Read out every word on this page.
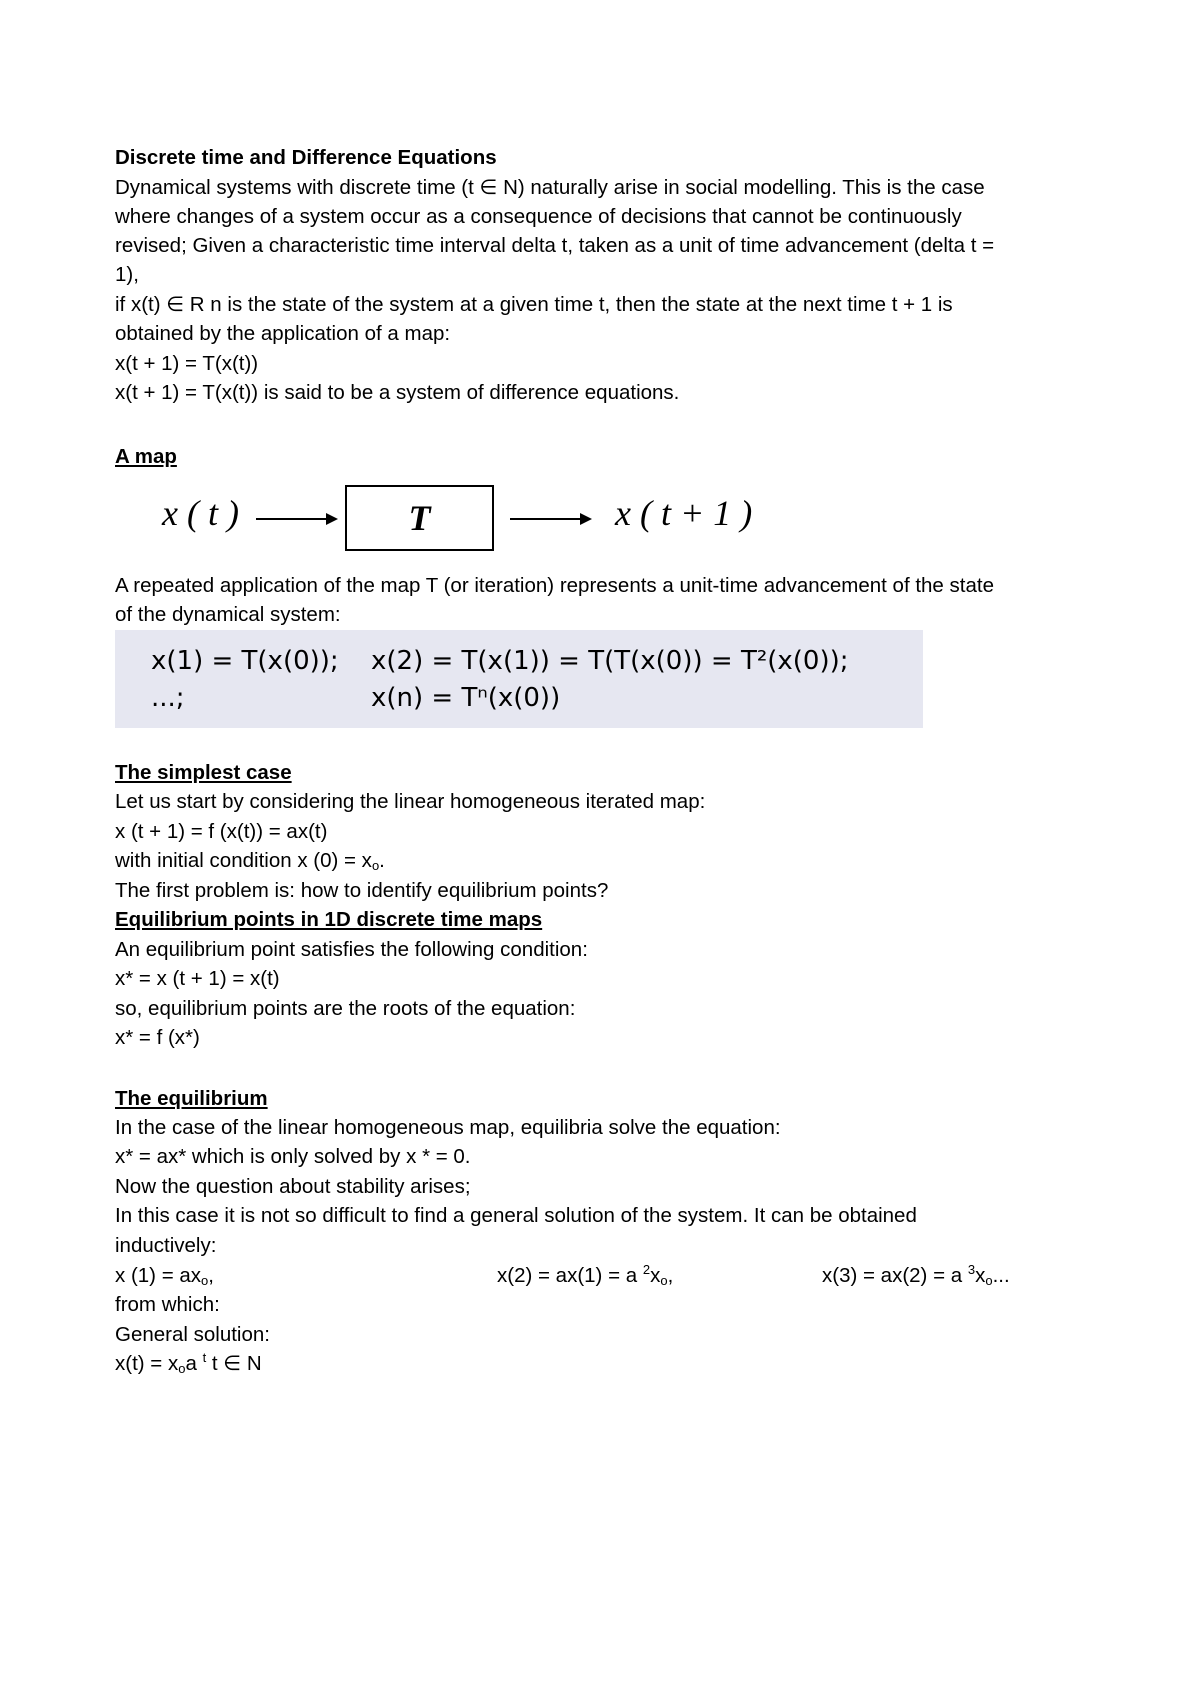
Discrete time and Difference Equations
Dynamical systems with discrete time (t ∈ N) naturally arise in social modelling. This is the case
where changes of a system occur as a consequence of decisions that cannot be continuously
revised; Given a characteristic time interval delta t, taken as a unit of time advancement (delta t =
1),
if x(t) ∈ R n is the state of the system at a given time t, then the state at the next time t + 1 is
obtained by the application of a map:
x(t + 1) = T(x(t))
x(t + 1) = T(x(t)) is said to be a system of difference equations.
A map
x ( t )	T	x ( t + 1 )
A repeated application of the map T (or iteration) represents a unit-time advancement of the state
of the dynamical system:
x(1) = T(x(0)); x(2) = T(x(1)) = T(T(x(0)) = T²(x(0));
...;	x(n) = Tⁿ(x(0))
The simplest case
Let us start by considering the linear homogeneous iterated map:
x (t + 1) = f (x(t)) = ax(t)
with initial condition x $(0) = x_o$.
The first problem is: how to identify equilibrium points?
Equilibrium points in 1D discrete time maps
An equilibrium point satisfies the following condition:
x* = x (t + 1) = x(t)
so, equilibrium points are the roots of the equation:
x* = f (x*)
The equilibrium
In the case of the linear homogeneous map, equilibria solve the equation:
x* = ax* which is only solved by x * = 0.
Now the question about stability arises;
In this case it is not so difficult to find a general solution of the system. It can be obtained
inductively:
x $(1) = ax_o$,	x(2) = ax(1) = a $^2x_o$,	x(3) = ax(2) = a $^3x_o$...
from which:
General solution:
$x(t) = x_oa$ $^t$ t ∈ N
